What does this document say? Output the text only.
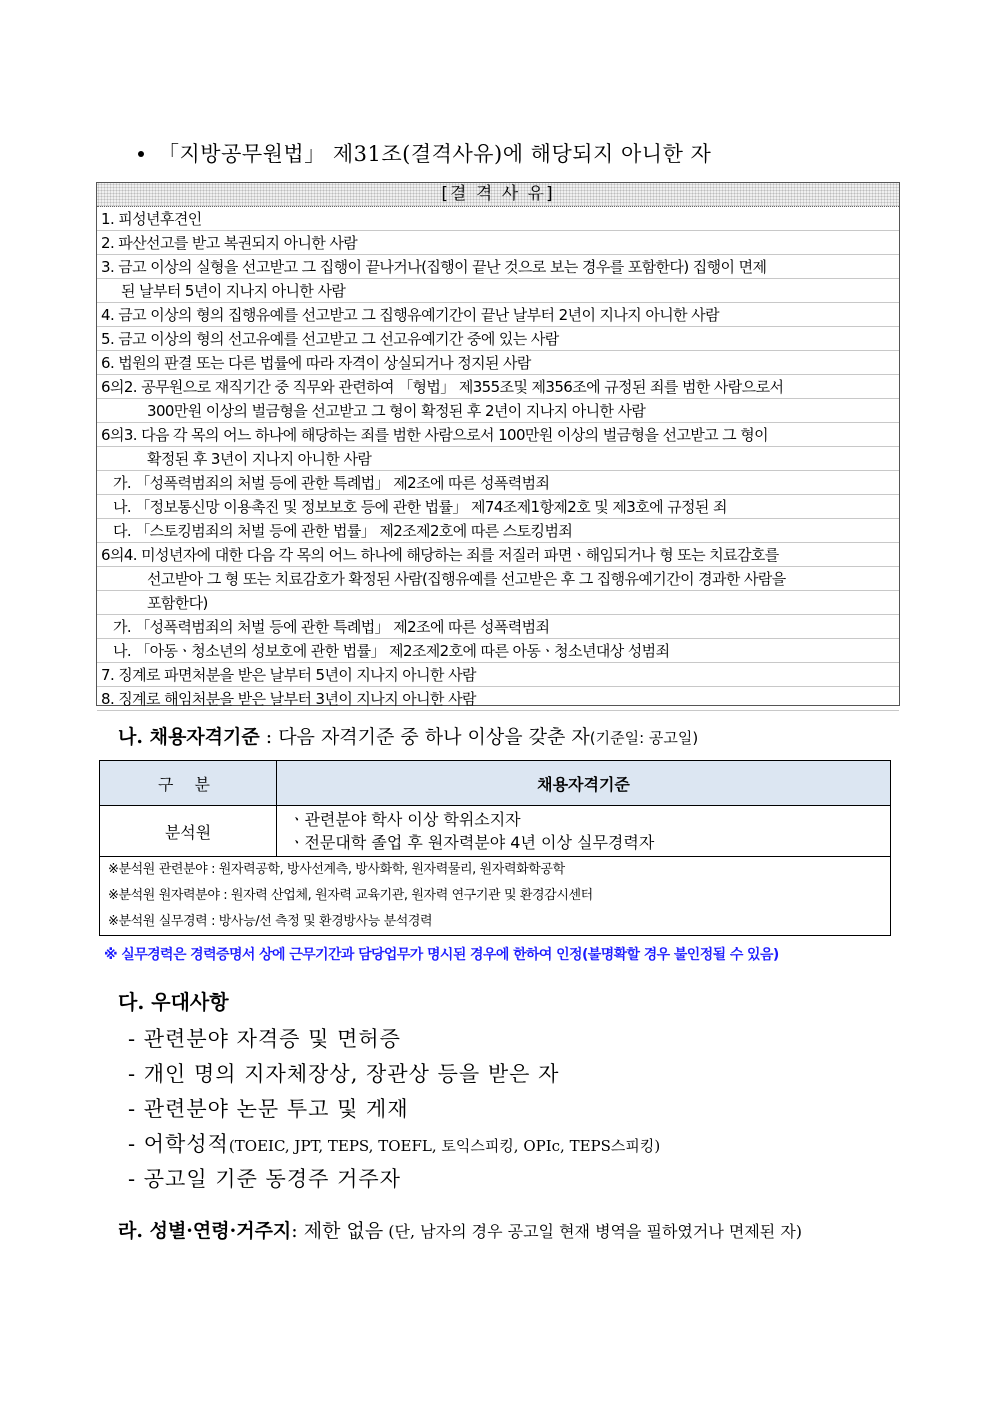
「지방공무원법」 제31조(결격사유)에 해당되지 아니한 자
[결 격 사 유]
1. 피성년후견인
2. 파산선고를 받고 복권되지 아니한 사람
3. 금고 이상의 실형을 선고받고 그 집행이 끝나거나(집행이 끝난 것으로 보는 경우를 포함한다) 집행이 면제
된 날부터 5년이 지나지 아니한 사람
4. 금고 이상의 형의 집행유예를 선고받고 그 집행유예기간이 끝난 날부터 2년이 지나지 아니한 사람
5. 금고 이상의 형의 선고유예를 선고받고 그 선고유예기간 중에 있는 사람
6. 법원의 판결 또는 다른 법률에 따라 자격이 상실되거나 정지된 사람
6의2. 공무원으로 재직기간 중 직무와 관련하여 「형법」 제355조및 제356조에 규정된 죄를 범한 사람으로서
300만원 이상의 벌금형을 선고받고 그 형이 확정된 후 2년이 지나지 아니한 사람
6의3. 다음 각 목의 어느 하나에 해당하는 죄를 범한 사람으로서 100만원 이상의 벌금형을 선고받고 그 형이
확정된 후 3년이 지나지 아니한 사람
가. 「성폭력범죄의 처벌 등에 관한 특례법」 제2조에 따른 성폭력범죄
나. 「정보통신망 이용촉진 및 정보보호 등에 관한 법률」 제74조제1항제2호 및 제3호에 규정된 죄
다. 「스토킹범죄의 처벌 등에 관한 법률」 제2조제2호에 따른 스토킹범죄
6의4. 미성년자에 대한 다음 각 목의 어느 하나에 해당하는 죄를 저질러 파면ㆍ해임되거나 형 또는 치료감호를
선고받아 그 형 또는 치료감호가 확정된 사람(집행유예를 선고받은 후 그 집행유예기간이 경과한 사람을
포함한다)
가. 「성폭력범죄의 처벌 등에 관한 특례법」 제2조에 따른 성폭력범죄
나. 「아동ㆍ청소년의 성보호에 관한 법률」 제2조제2호에 따른 아동ㆍ청소년대상 성범죄
7. 징계로 파면처분을 받은 날부터 5년이 지나지 아니한 사람
8. 징계로 해임처분을 받은 날부터 3년이 지나지 아니한 사람
나. 채용자격기준 : 다음 자격기준 중 하나 이상을 갖춘 자(기준일: 공고일)
구 분	채용자격기준
분석원	ㆍ관련분야 학사 이상 학위소지자
ㆍ전문대학 졸업 후 원자력분야 4년 이상 실무경력자

※분석원 관련분야 : 원자력공학, 방사선계측, 방사화학, 원자력물리, 원자력화학공학
※분석원 원자력분야 : 원자력 산업체, 원자력 교육기관, 원자력 연구기관 및 환경감시센터
※분석원 실무경력 : 방사능/선 측정 및 환경방사능 분석경력	
※ 실무경력은 경력증명서 상에 근무기간과 담당업무가 명시된 경우에 한하여 인정(불명확할 경우 불인정될 수 있음)
다. 우대사항
- 관련분야 자격증 및 면허증
- 개인 명의 지자체장상, 장관상 등을 받은 자
- 관련분야 논문 투고 및 게재
- 어학성적(TOEIC, JPT, TEPS, TOEFL, 토익스피킹, OPIc, TEPS스피킹)
- 공고일 기준 동경주 거주자
라. 성별·연령·거주지: 제한 없음 (단, 남자의 경우 공고일 현재 병역을 필하였거나 면제된 자)
